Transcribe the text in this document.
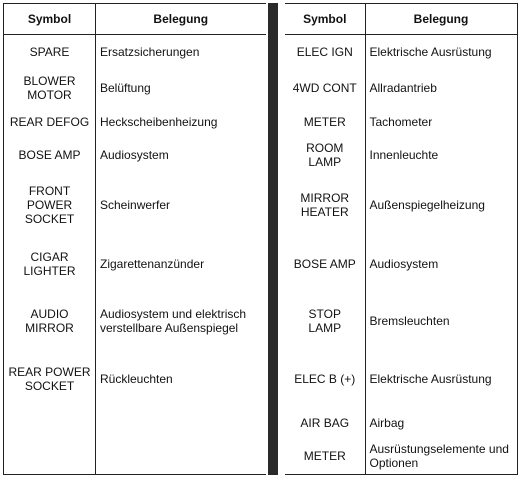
Symbol	Belegung
SPARE	Ersatzsicherungen
BLOWER
MOTOR	Belüftung
REAR DEFOG	Heckscheibenheizung
BOSE AMP	Audiosystem
FRONT
POWER
SOCKET	Scheinwerfer
CIGAR
LIGHTER	Zigarettenanzünder
AUDIO
MIRROR	Audiosystem und elektrisch
verstellbare Außenspiegel
REAR POWER
SOCKET	Rückleuchten

Symbol	Belegung
ELEC IGN	Elektrische Ausrüstung
4WD CONT	Allradantrieb
METER	Tachometer
ROOM
LAMP	Innenleuchte
MIRROR
HEATER	Außenspiegelheizung
BOSE AMP	Audiosystem
STOP
LAMP	Bremsleuchten
ELEC B (+)	Elektrische Ausrüstung
AIR BAG	Airbag
METER	Ausrüstungselemente und
Optionen
